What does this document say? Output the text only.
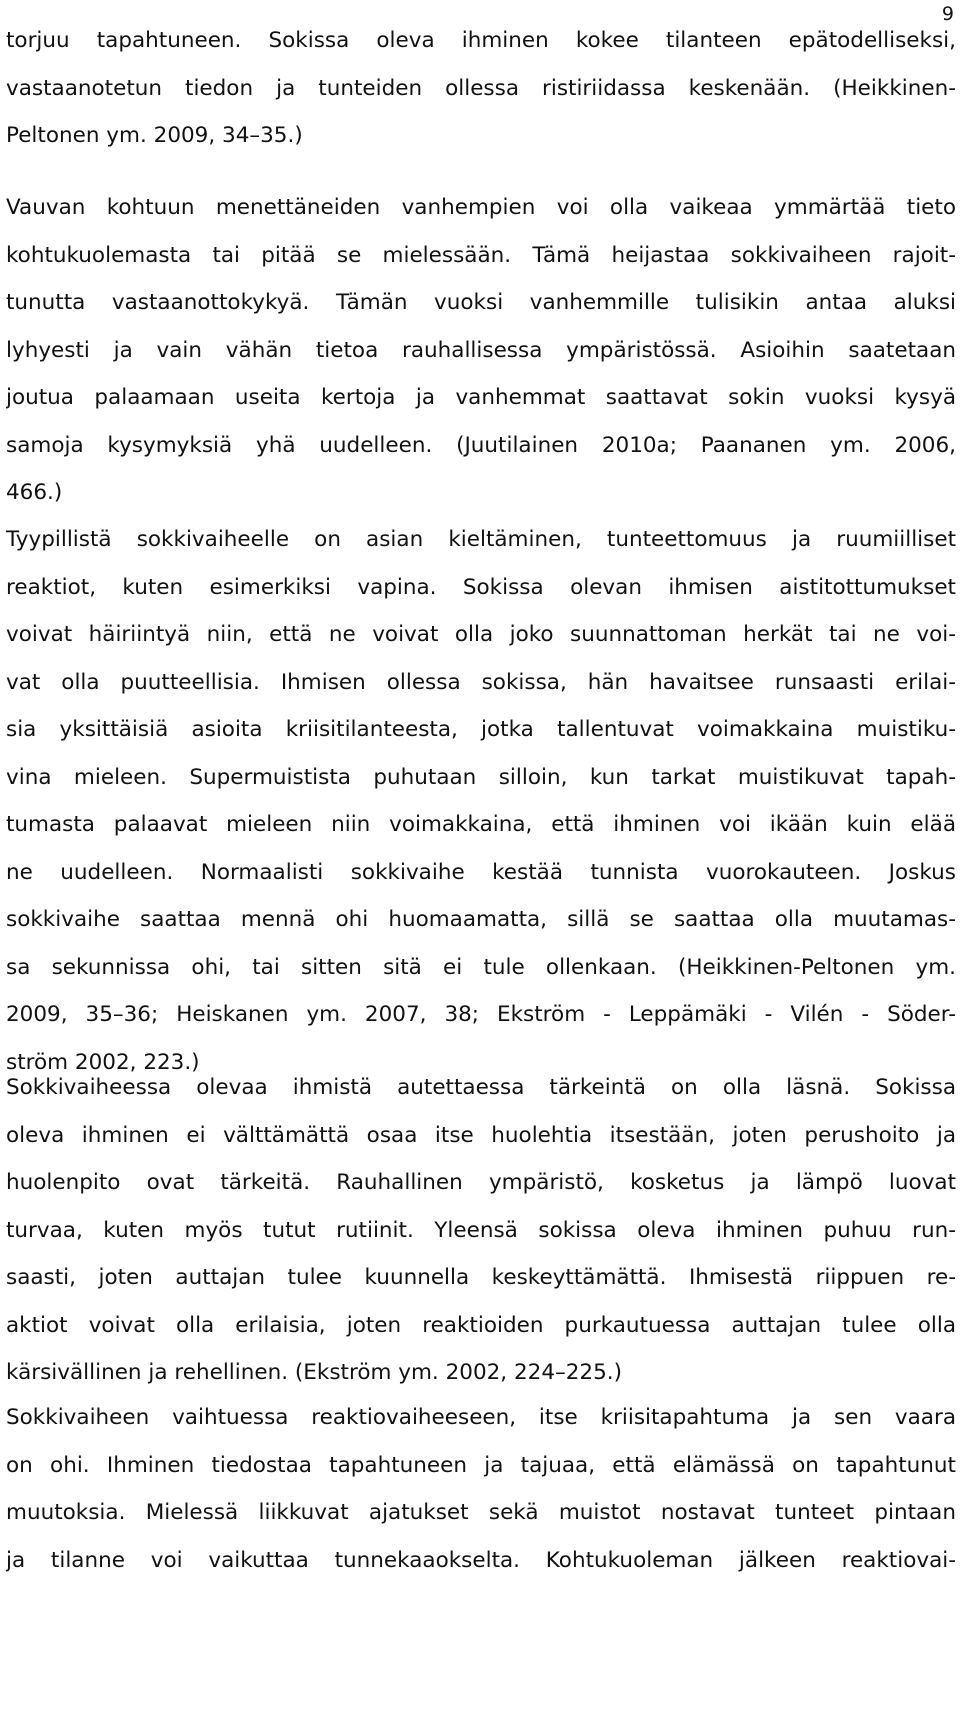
9
torjuu tapahtuneen. Sokissa oleva ihminen kokee tilanteen epätodelliseksi,
vastaanotetun tiedon ja tunteiden ollessa ristiriidassa keskenään. (Heikkinen-
Peltonen ym. 2009, 34–35.)
Vauvan kohtuun menettäneiden vanhempien voi olla vaikeaa ymmärtää tieto
kohtukuolemasta tai pitää se mielessään. Tämä heijastaa sokkivaiheen rajoit-
tunutta vastaanottokykyä. Tämän vuoksi vanhemmille tulisikin antaa aluksi
lyhyesti ja vain vähän tietoa rauhallisessa ympäristössä. Asioihin saatetaan
joutua palaamaan useita kertoja ja vanhemmat saattavat sokin vuoksi kysyä
samoja kysymyksiä yhä uudelleen. (Juutilainen 2010a; Paananen ym. 2006,
466.)
Tyypillistä sokkivaiheelle on asian kieltäminen, tunteettomuus ja ruumiilliset
reaktiot, kuten esimerkiksi vapina. Sokissa olevan ihmisen aistitottumukset
voivat häiriintyä niin, että ne voivat olla joko suunnattoman herkät tai ne voi-
vat olla puutteellisia. Ihmisen ollessa sokissa, hän havaitsee runsaasti erilai-
sia yksittäisiä asioita kriisitilanteesta, jotka tallentuvat voimakkaina muistiku-
vina mieleen. Supermuistista puhutaan silloin, kun tarkat muistikuvat tapah-
tumasta palaavat mieleen niin voimakkaina, että ihminen voi ikään kuin elää
ne uudelleen. Normaalisti sokkivaihe kestää tunnista vuorokauteen. Joskus
sokkivaihe saattaa mennä ohi huomaamatta, sillä se saattaa olla muutamas-
sa sekunnissa ohi, tai sitten sitä ei tule ollenkaan. (Heikkinen-Peltonen ym.
2009, 35–36; Heiskanen ym. 2007, 38; Ekström - Leppämäki - Vilén - Söder-
ström 2002, 223.)
Sokkivaiheessa olevaa ihmistä autettaessa tärkeintä on olla läsnä. Sokissa
oleva ihminen ei välttämättä osaa itse huolehtia itsestään, joten perushoito ja
huolenpito ovat tärkeitä. Rauhallinen ympäristö, kosketus ja lämpö luovat
turvaa, kuten myös tutut rutiinit. Yleensä sokissa oleva ihminen puhuu run-
saasti, joten auttajan tulee kuunnella keskeyttämättä. Ihmisestä riippuen re-
aktiot voivat olla erilaisia, joten reaktioiden purkautuessa auttajan tulee olla
kärsivällinen ja rehellinen. (Ekström ym. 2002, 224–225.)
Sokkivaiheen vaihtuessa reaktiovaiheeseen, itse kriisitapahtuma ja sen vaara
on ohi. Ihminen tiedostaa tapahtuneen ja tajuaa, että elämässä on tapahtunut
muutoksia. Mielessä liikkuvat ajatukset sekä muistot nostavat tunteet pintaan
ja tilanne voi vaikuttaa tunnekaaokselta. Kohtukuoleman jälkeen reaktiovai-
